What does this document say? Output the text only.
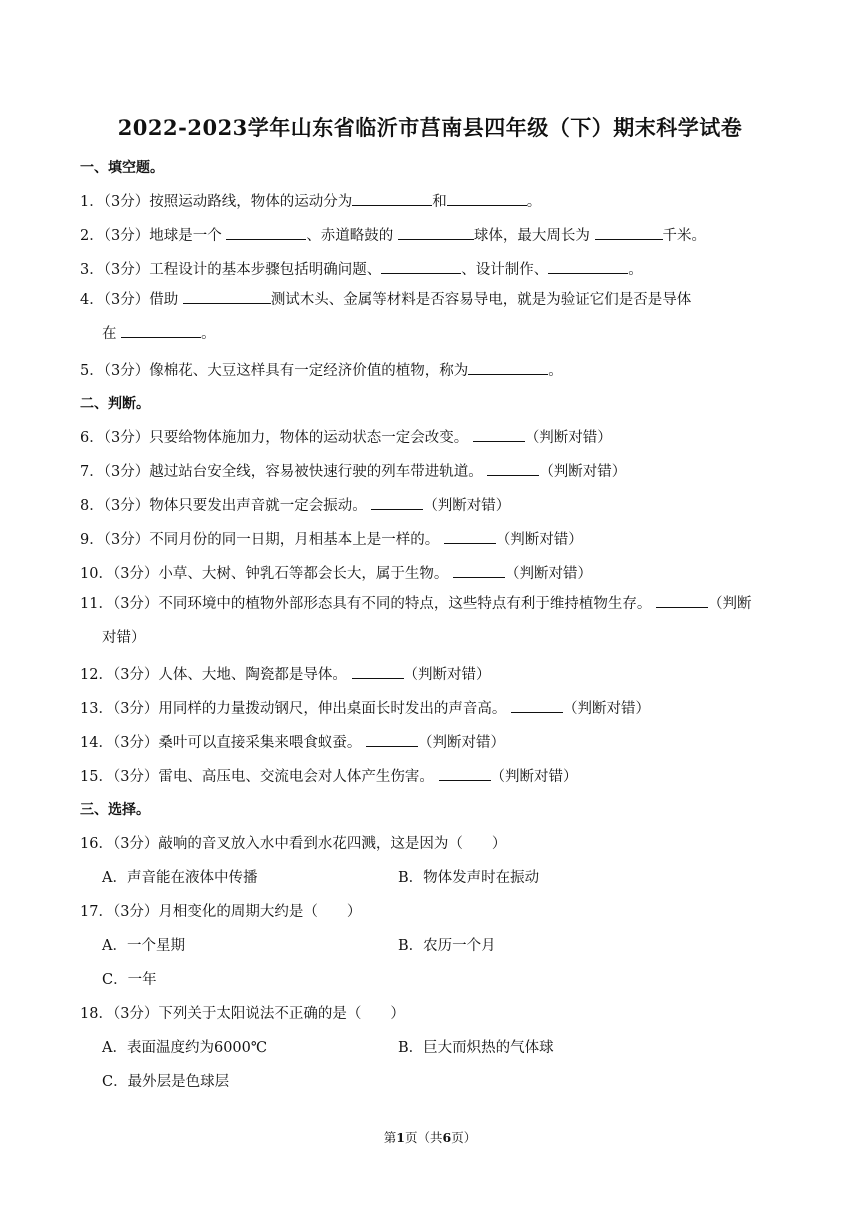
2022-2023学年山东省临沂市莒南县四年级（下）期末科学试卷
一、填空题。
1．（3分）按照运动路线，物体的运动分为	和	。
2．（3分）地球是一个	、赤道略鼓的	球体，最大周长为	千米。
3．（3分）工程设计的基本步骤包括明确问题、	、设计制作、	。
4．（3分）借助	测试木头、金属等材料是否容易导电，就是为验证它们是否是导体
在	。
5．（3分）像棉花、大豆这样具有一定经济价值的植物，称为	。
二、判断。
6．（3分）只要给物体施加力，物体的运动状态一定会改变。	（判断对错）
7．（3分）越过站台安全线，容易被快速行驶的列车带进轨道。	（判断对错）
8．（3分）物体只要发出声音就一定会振动。	（判断对错）
9．（3分）不同月份的同一日期，月相基本上是一样的。	（判断对错）
10．（3分）小草、大树、钟乳石等都会长大，属于生物。	（判断对错）
11．（3分）不同环境中的植物外部形态具有不同的特点，这些特点有利于维持植物生存。	（判断
对错）
12．（3分）人体、大地、陶瓷都是导体。	（判断对错）
13．（3分）用同样的力量拨动钢尺，伸出桌面长时发出的声音高。	（判断对错）
14．（3分）桑叶可以直接采集来喂食蚁蚕。	（判断对错）
15．（3分）雷电、高压电、交流电会对人体产生伤害。	（判断对错）
三、选择。
16．（3分）敲响的音叉放入水中看到水花四溅，这是因为（　　）
A．声音能在液体中传播	B．物体发声时在振动
17．（3分）月相变化的周期大约是（　　）
A．一个星期	B．农历一个月
C．一年
18．（3分）下列关于太阳说法不正确的是（　　）
A．表面温度约为6000℃	B．巨大而炽热的气体球
C．最外层是色球层
第1页（共6页）
